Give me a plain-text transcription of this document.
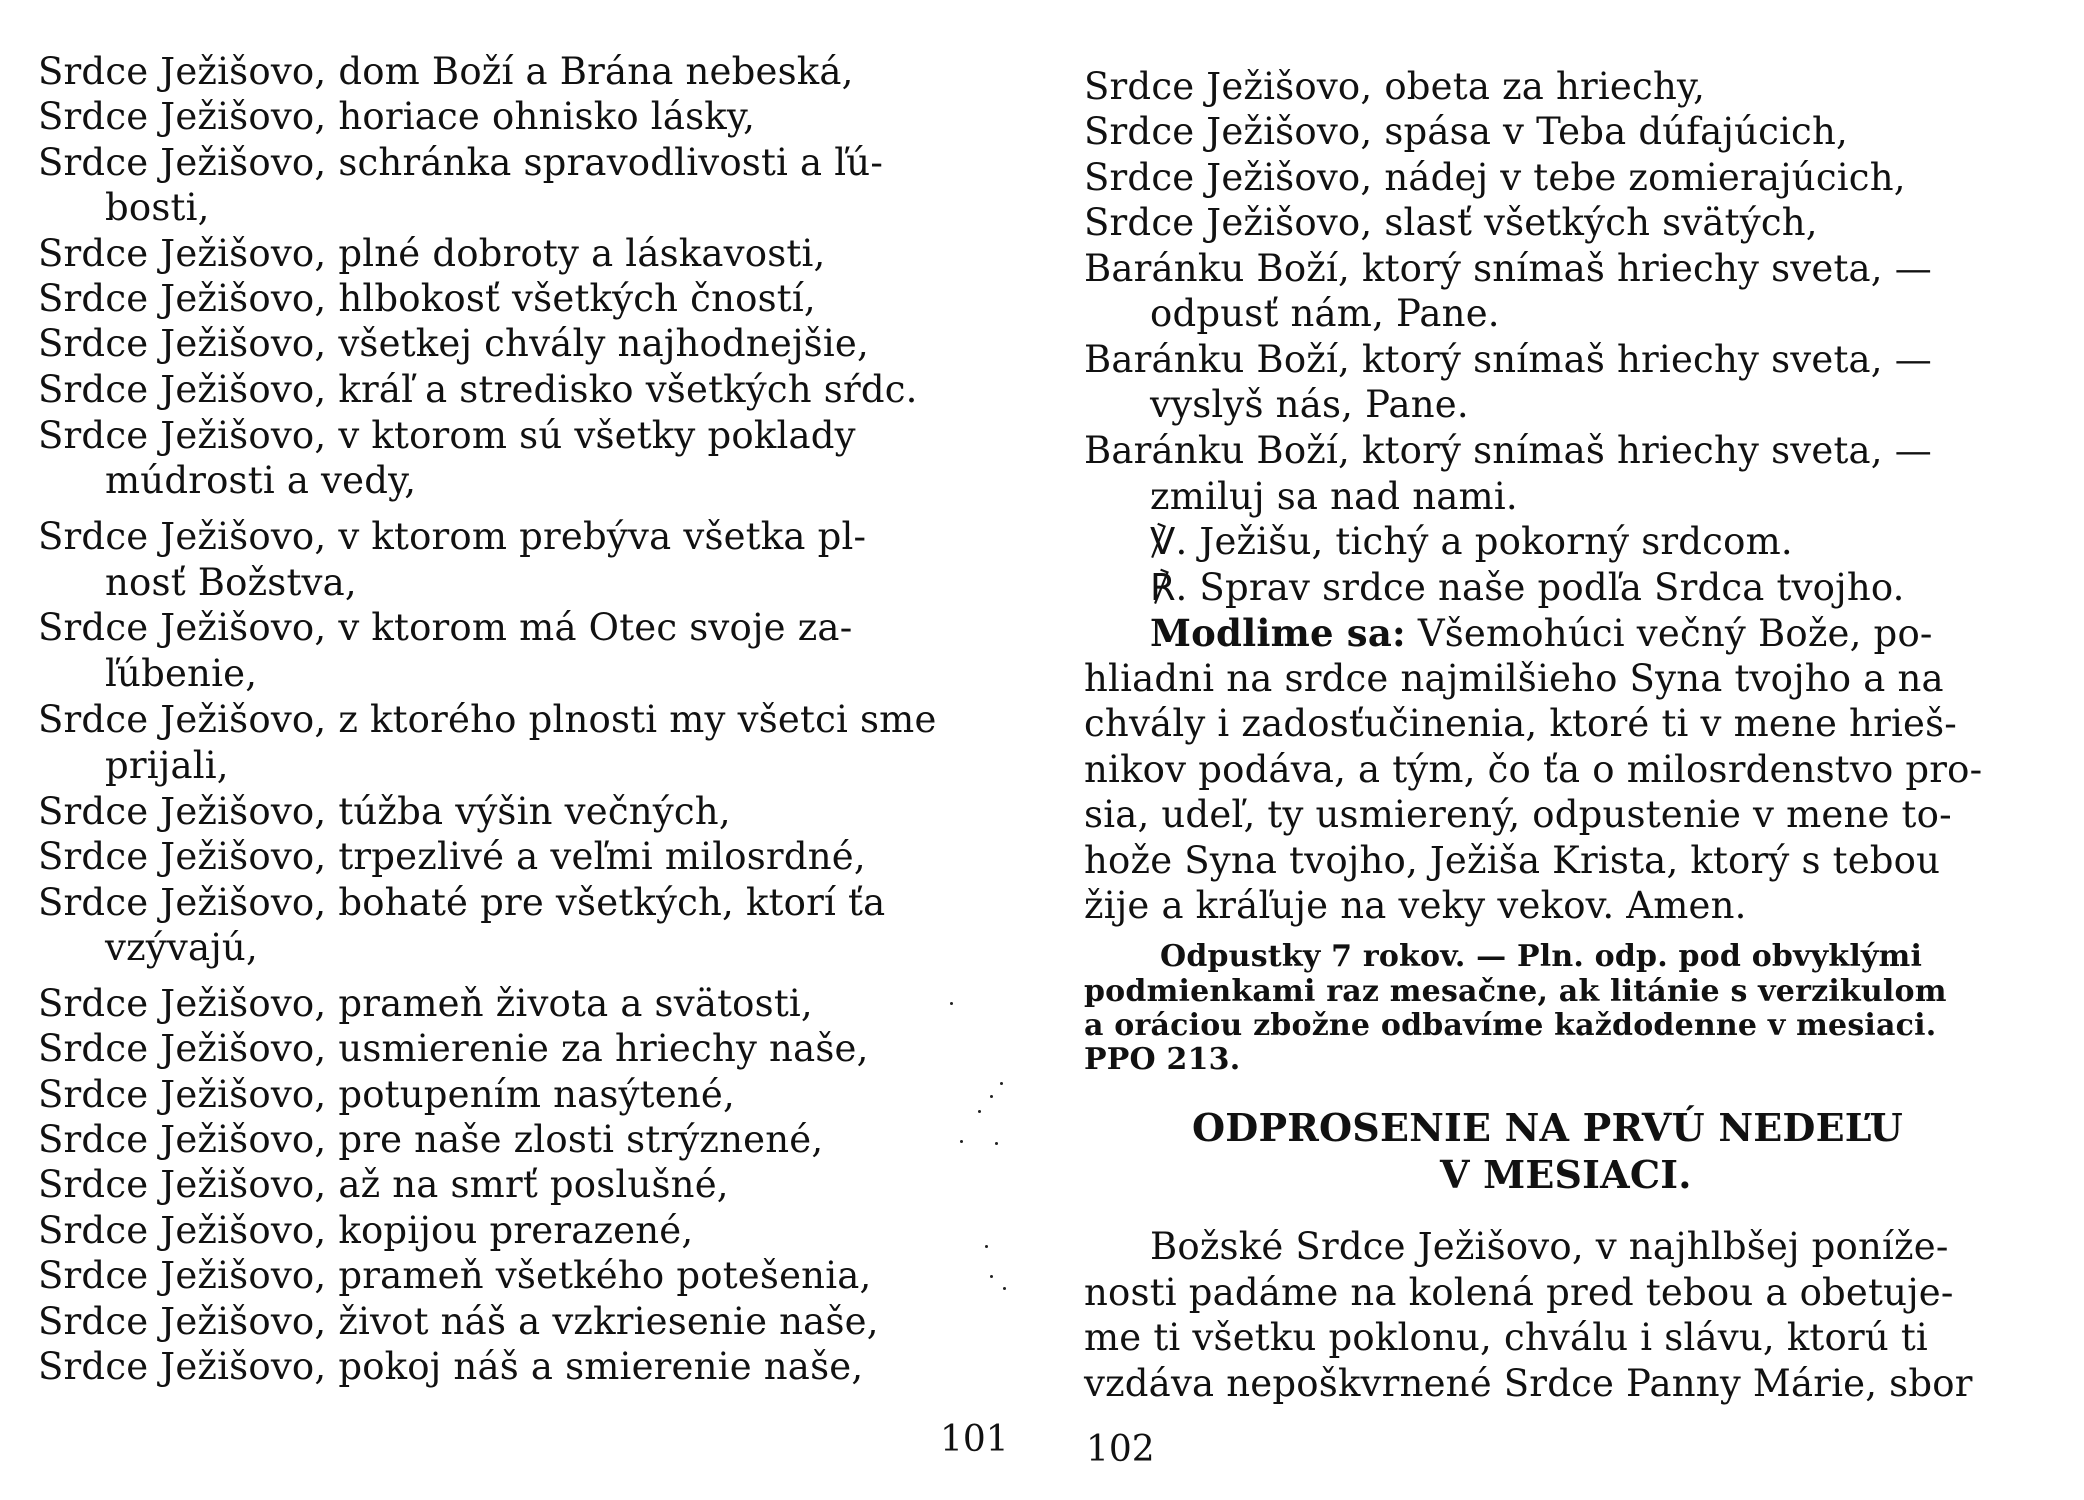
Srdce Ježišovo, dom Boží a Brána nebeská,
Srdce Ježišovo, horiace ohnisko lásky,
Srdce Ježišovo, schránka spravodlivosti a ľú-
bosti,
Srdce Ježišovo, plné dobroty a láskavosti,
Srdce Ježišovo, hlbokosť všetkých čností,
Srdce Ježišovo, všetkej chvály najhodnejšie,
Srdce Ježišovo, kráľ a stredisko všetkých sŕdc.
Srdce Ježišovo, v ktorom sú všetky poklady
múdrosti a vedy,
Srdce Ježišovo, v ktorom prebýva všetka pl-
nosť Božstva,
Srdce Ježišovo, v ktorom má Otec svoje za-
ľúbenie,
Srdce Ježišovo, z ktorého plnosti my všetci sme
prijali,
Srdce Ježišovo, túžba výšin večných,
Srdce Ježišovo, trpezlivé a veľmi milosrdné,
Srdce Ježišovo, bohaté pre všetkých, ktorí ťa
vzývajú,
Srdce Ježišovo, prameň života a svätosti,
Srdce Ježišovo, usmierenie za hriechy naše,
Srdce Ježišovo, potupením nasýtené,
Srdce Ježišovo, pre naše zlosti strýznené,
Srdce Ježišovo, až na smrť poslušné,
Srdce Ježišovo, kopijou prerazené,
Srdce Ježišovo, prameň všetkého potešenia,
Srdce Ježišovo, život náš a vzkriesenie naše,
Srdce Ježišovo, pokoj náš a smierenie naše,
101
Srdce Ježišovo, obeta za hriechy,
Srdce Ježišovo, spása v Teba dúfajúcich,
Srdce Ježišovo, nádej v tebe zomierajúcich,
Srdce Ježišovo, slasť všetkých svätých,
Baránku Boží, ktorý snímaš hriechy sveta, —
odpusť nám, Pane.
Baránku Boží, ktorý snímaš hriechy sveta, —
vyslyš nás, Pane.
Baránku Boží, ktorý snímaš hriechy sveta, —
zmiluj sa nad nami.
℣. Ježišu, tichý a pokorný srdcom.
℟. Sprav srdce naše podľa Srdca tvojho.
Modlime sa: Všemohúci večný Bože, po-
hliadni na srdce najmilšieho Syna tvojho a na
chvály i zadosťučinenia, ktoré ti v mene hrieš-
nikov podáva, a tým, čo ťa o milosrdenstvo pro-
sia, udeľ, ty usmierený, odpustenie v mene to-
hože Syna tvojho, Ježiša Krista, ktorý s tebou
žije a kráľuje na veky vekov. Amen.
Odpustky 7 rokov. — Pln. odp. pod obvyklými
podmienkami raz mesačne, ak litánie s verzikulom
a oráciou zbožne odbavíme každodenne v mesiaci.
PPO 213.
ODPROSENIE NA PRVÚ NEDEĽU
V MESIACI.
Božské Srdce Ježišovo, v najhlbšej poníže-
nosti padáme na kolená pred tebou a obetuje-
me ti všetku poklonu, chválu i slávu, ktorú ti
vzdáva nepoškvrnené Srdce Panny Márie, sbor
102
